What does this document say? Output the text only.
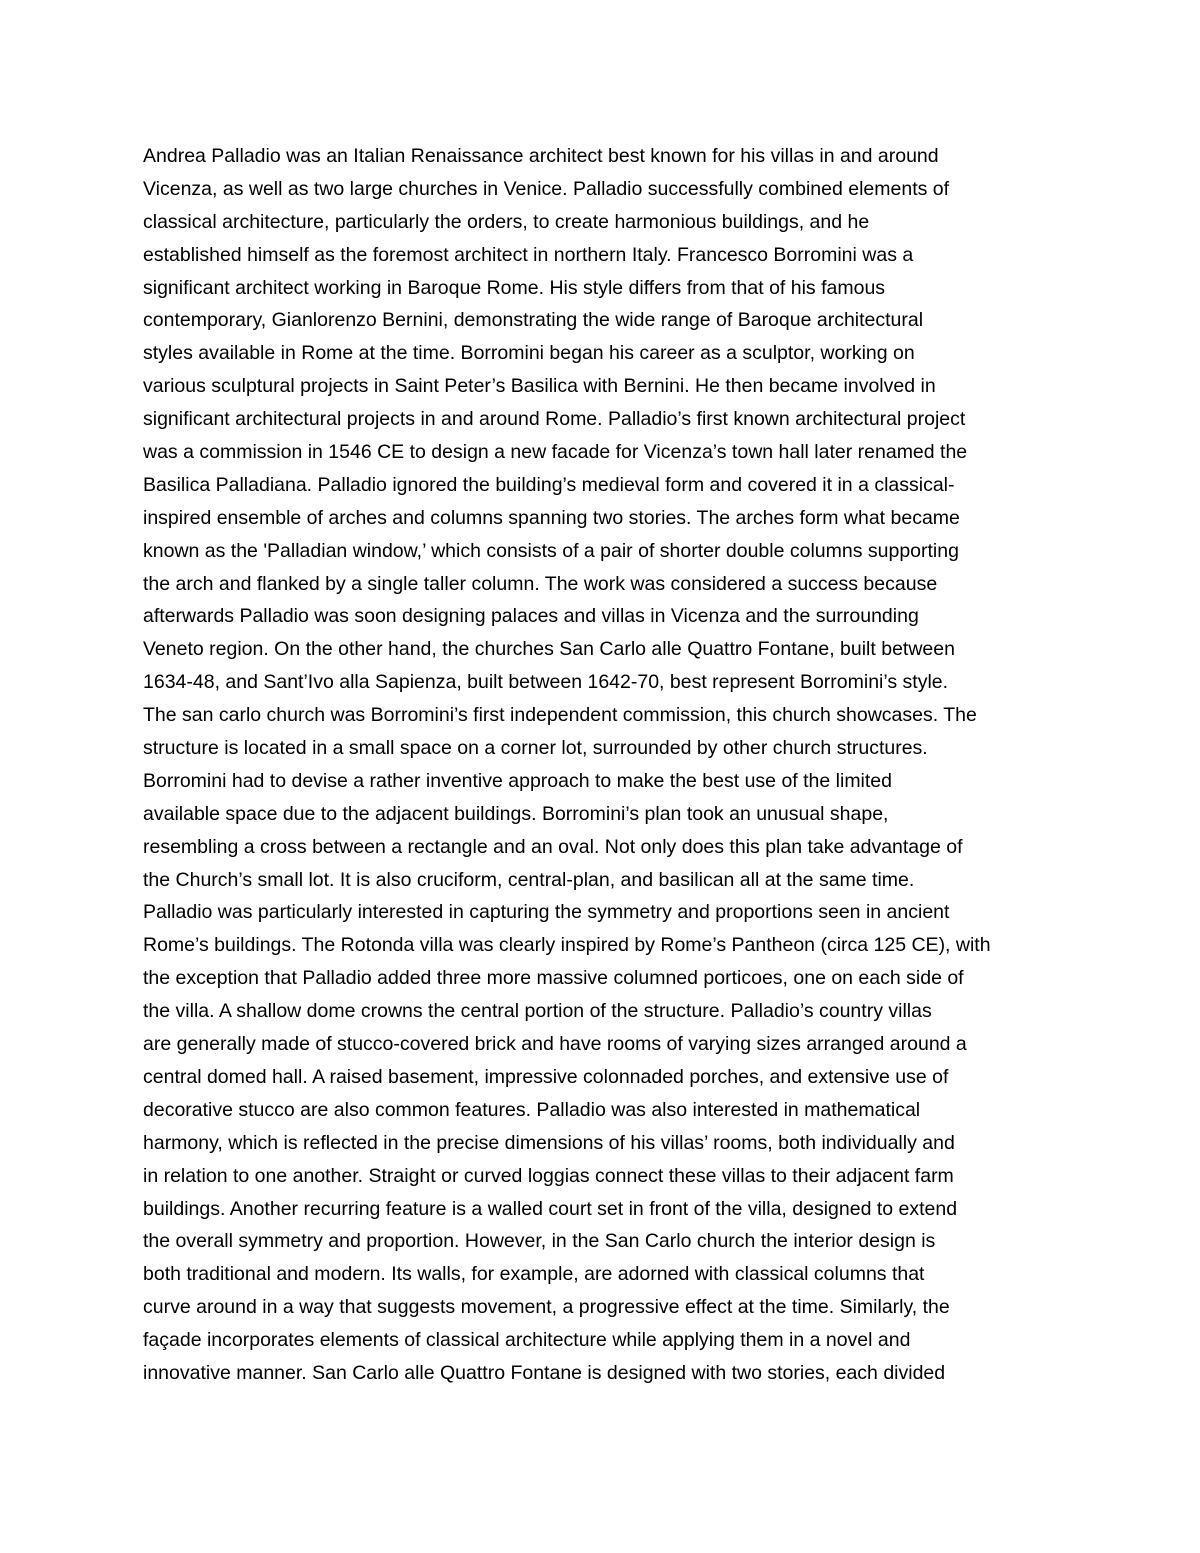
Andrea Palladio was an Italian Renaissance architect best known for his villas in and around
Vicenza, as well as two large churches in Venice. Palladio successfully combined elements of
classical architecture, particularly the orders, to create harmonious buildings, and he
established himself as the foremost architect in northern Italy. Francesco Borromini was a
significant architect working in Baroque Rome. His style differs from that of his famous
contemporary, Gianlorenzo Bernini, demonstrating the wide range of Baroque architectural
styles available in Rome at the time. Borromini began his career as a sculptor, working on
various sculptural projects in Saint Peter’s Basilica with Bernini. He then became involved in
significant architectural projects in and around Rome. Palladio’s first known architectural project
was a commission in 1546 CE to design a new facade for Vicenza’s town hall later renamed the
Basilica Palladiana. Palladio ignored the building’s medieval form and covered it in a classical-
inspired ensemble of arches and columns spanning two stories. The arches form what became
known as the 'Palladian window,’ which consists of a pair of shorter double columns supporting
the arch and flanked by a single taller column. The work was considered a success because
afterwards Palladio was soon designing palaces and villas in Vicenza and the surrounding
Veneto region. On the other hand, the churches San Carlo alle Quattro Fontane, built between
1634-48, and Sant’Ivo alla Sapienza, built between 1642-70, best represent Borromini’s style.
The san carlo church was Borromini’s first independent commission, this church showcases. The
structure is located in a small space on a corner lot, surrounded by other church structures.
Borromini had to devise a rather inventive approach to make the best use of the limited
available space due to the adjacent buildings. Borromini’s plan took an unusual shape,
resembling a cross between a rectangle and an oval. Not only does this plan take advantage of
the Church’s small lot. It is also cruciform, central-plan, and basilican all at the same time.
Palladio was particularly interested in capturing the symmetry and proportions seen in ancient
Rome’s buildings. The Rotonda villa was clearly inspired by Rome’s Pantheon (circa 125 CE), with
the exception that Palladio added three more massive columned porticoes, one on each side of
the villa. A shallow dome crowns the central portion of the structure. Palladio’s country villas
are generally made of stucco-covered brick and have rooms of varying sizes arranged around a
central domed hall. A raised basement, impressive colonnaded porches, and extensive use of
decorative stucco are also common features. Palladio was also interested in mathematical
harmony, which is reflected in the precise dimensions of his villas’ rooms, both individually and
in relation to one another. Straight or curved loggias connect these villas to their adjacent farm
buildings. Another recurring feature is a walled court set in front of the villa, designed to extend
the overall symmetry and proportion. However, in the San Carlo church the interior design is
both traditional and modern. Its walls, for example, are adorned with classical columns that
curve around in a way that suggests movement, a progressive effect at the time. Similarly, the
façade incorporates elements of classical architecture while applying them in a novel and
innovative manner. San Carlo alle Quattro Fontane is designed with two stories, each divided
